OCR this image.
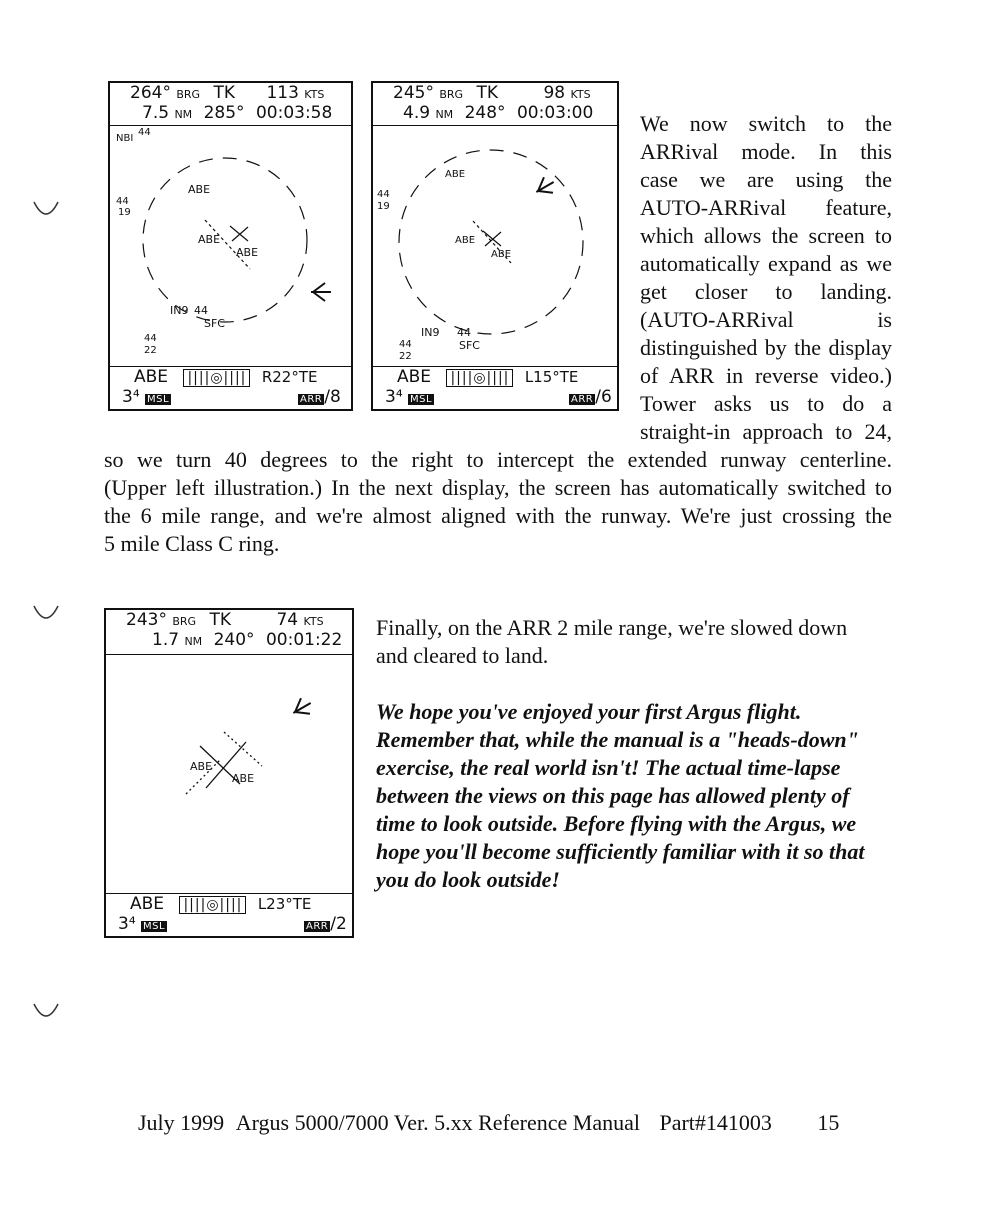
264° BRG TK 113 KTS
7.5 NM 285° 00:03:58
NBI
44
44
19
ABE
ABE
ABE
IN9 44
SFC
44
22
ABE ||||◎|||| R22°TE
3⁴ MSL	ARR /8
245° BRG TK	98 KTS
4.9 NM 248° 00:03:00
ABE
44
19
ABE
ABE
IN9 44
SFC
44
22
ABE ||||◎|||| L15°TE
3⁴ MSL	ARR /6
243° BRG TK	74 KTS
1.7 NM 240° 00:01:22
ABE
ABE
ABE ||||◎|||| L23°TE
3⁴ MSL	ARR /2
We now switch to the
ARRival mode. In this
case we are using the
AUTO-ARRival feature,
which allows the screen to
automatically expand as we
get closer to landing.
(AUTO-ARRival is
distinguished by the display
of ARR in reverse video.)
Tower asks us to do a
straight-in approach to 24,
so we turn 40 degrees to the right to intercept the extended runway centerline.
(Upper left illustration.) In the next display, the screen has automatically switched to
the 6 mile range, and we're almost aligned with the runway. We're just crossing the
5 mile Class C ring.
Finally, on the ARR 2 mile range, we're slowed down
and cleared to land.
We hope you've enjoyed your first Argus flight.
Remember that, while the manual is a "heads-down"
exercise, the real world isn't! The actual time-lapse
between the views on this page has allowed plenty of
time to look outside. Before flying with the Argus, we
hope you'll become sufficiently familiar with it so that
you do look outside!
July 1999 Argus 5000/7000 Ver. 5.xx Reference Manual Part#141003 15
